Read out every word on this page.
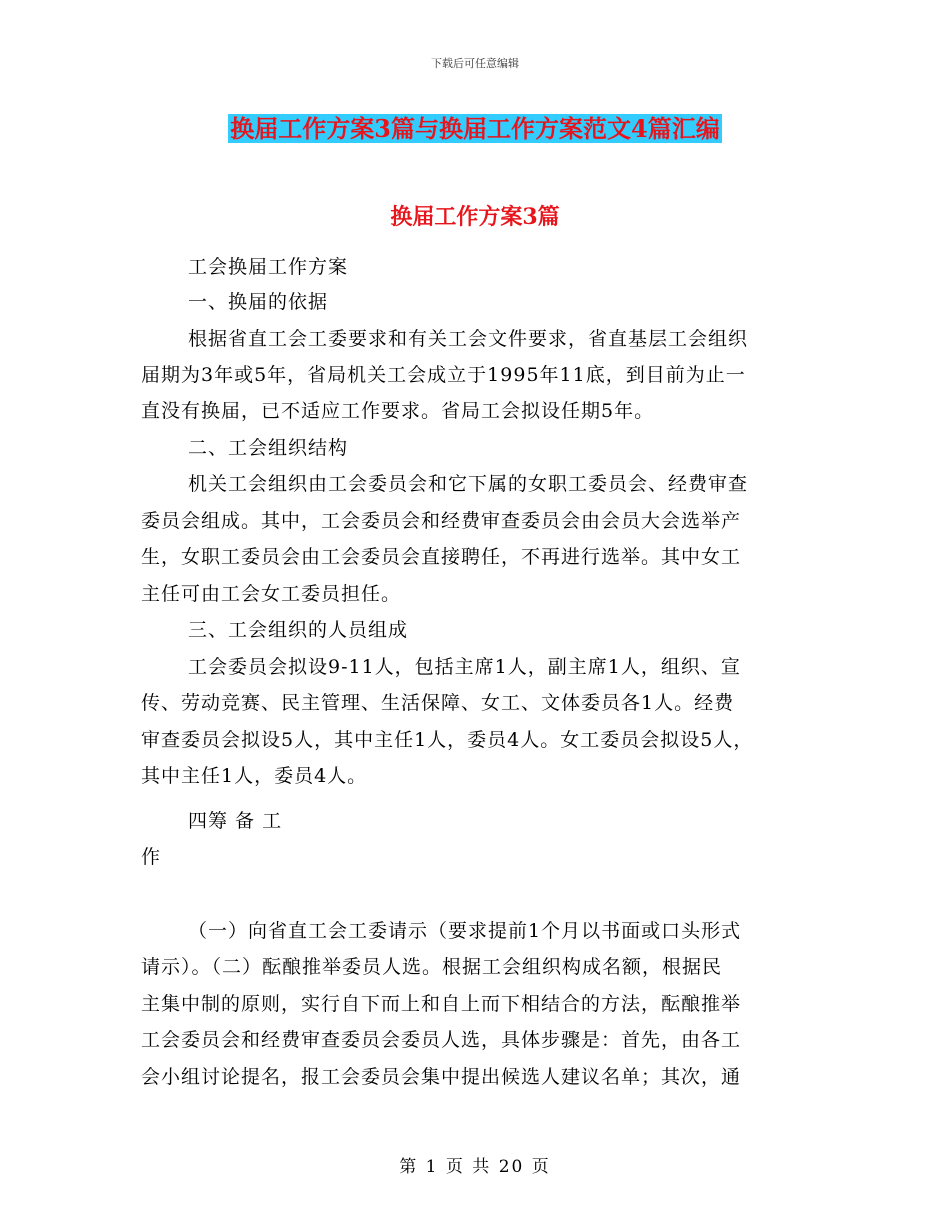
下载后可任意编辑
换届工作方案3篇与换届工作方案范文4篇汇编
换届工作方案3篇
工会换届工作方案
一、换届的依据
根据省直工会工委要求和有关工会文件要求，省直基层工会组织
届期为3年或5年，省局机关工会成立于1995年11底，到目前为止一
直没有换届，已不适应工作要求。省局工会拟设任期5年。
二、工会组织结构
机关工会组织由工会委员会和它下属的女职工委员会、经费审查
委员会组成。其中，工会委员会和经费审查委员会由会员大会选举产
生，女职工委员会由工会委员会直接聘任，不再进行选举。其中女工
主任可由工会女工委员担任。
三、工会组织的人员组成
工会委员会拟设9-11人，包括主席1人，副主席1人，组织、宣
传、劳动竞赛、民主管理、生活保障、女工、文体委员各1人。经费
审查委员会拟设5人，其中主任1人，委员4人。女工委员会拟设5人，
其中主任1人，委员4人。
四筹 备 工
作
（一）向省直工会工委请示（要求提前1个月以书面或口头形式
请示）。（二）酝酿推举委员人选。根据工会组织构成名额，根据民
主集中制的原则，实行自下而上和自上而下相结合的方法，酝酿推举
工会委员会和经费审查委员会委员人选，具体步骤是：首先，由各工
会小组讨论提名，报工会委员会集中提出候选人建议名单；其次，通
第 1 页 共 20 页
